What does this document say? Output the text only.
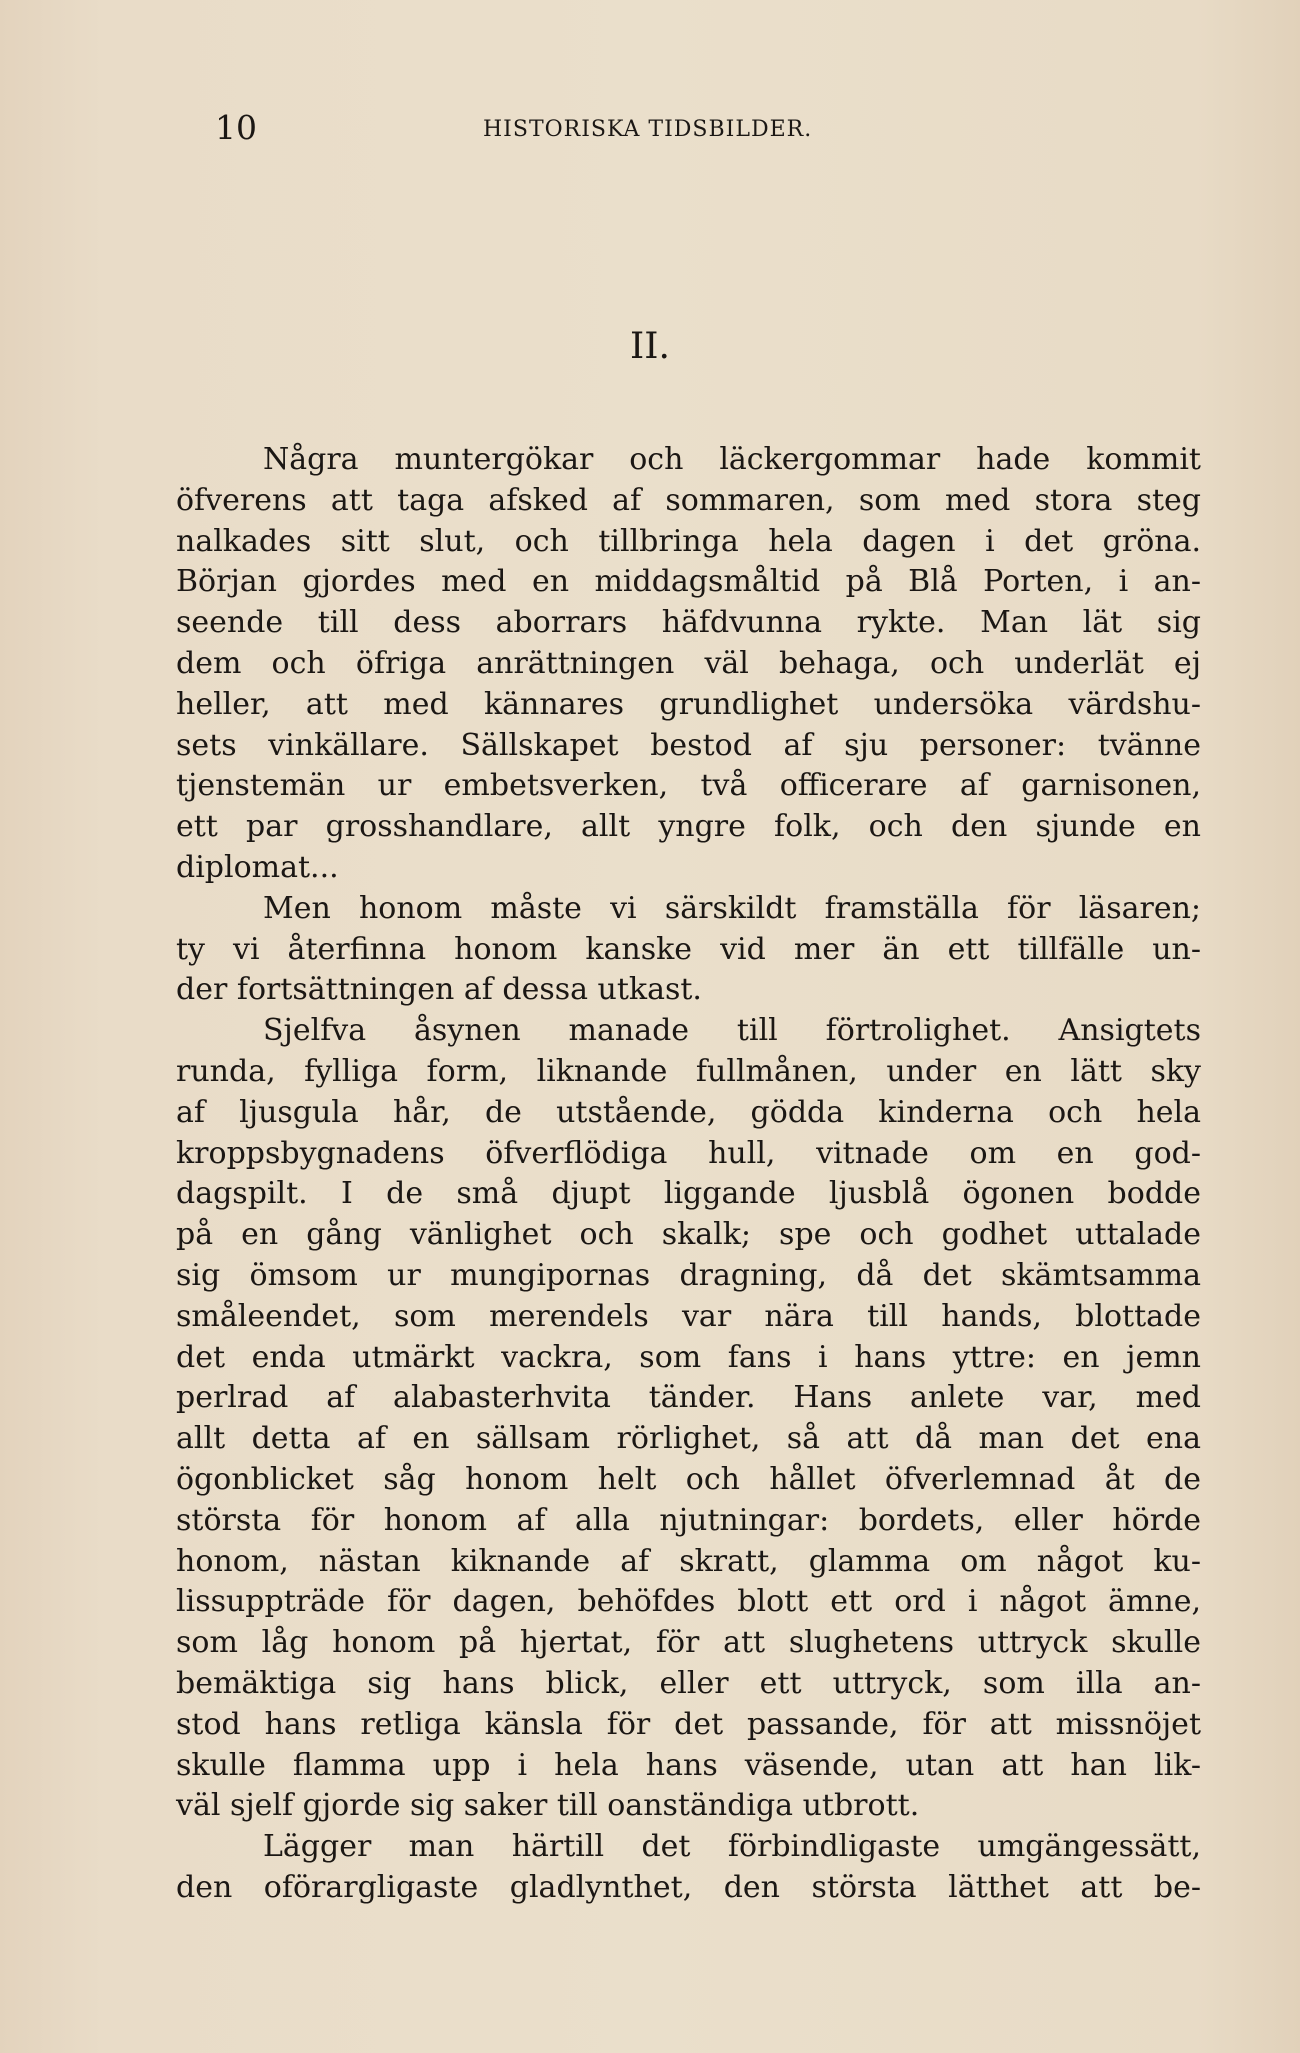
10	HISTORISKA TIDSBILDER.
II.
Några muntergökar och läckergommar hade kommit
öfverens att taga afsked af sommaren, som med stora steg
nalkades sitt slut, och tillbringa hela dagen i det gröna.
Början gjordes med en middagsmåltid på Blå Porten, i an-
seende till dess aborrars häfdvunna rykte. Man lät sig
dem och öfriga anrättningen väl behaga, och underlät ej
heller, att med kännares grundlighet undersöka värdshu-
sets vinkällare. Sällskapet bestod af sju personer: tvänne
tjenstemän ur embetsverken, två officerare af garnisonen,
ett par grosshandlare, allt yngre folk, och den sjunde en
diplomat...
Men honom måste vi särskildt framställa för läsaren;
ty vi återfinna honom kanske vid mer än ett tillfälle un-
der fortsättningen af dessa utkast.
Sjelfva åsynen manade till förtrolighet. Ansigtets
runda, fylliga form, liknande fullmånen, under en lätt sky
af ljusgula hår, de utstående, gödda kinderna och hela
kroppsbygnadens öfverflödiga hull, vitnade om en god-
dagspilt. I de små djupt liggande ljusblå ögonen bodde
på en gång vänlighet och skalk; spe och godhet uttalade
sig ömsom ur mungipornas dragning, då det skämtsamma
småleendet, som merendels var nära till hands, blottade
det enda utmärkt vackra, som fans i hans yttre: en jemn
perlrad af alabasterhvita tänder. Hans anlete var, med
allt detta af en sällsam rörlighet, så att då man det ena
ögonblicket såg honom helt och hållet öfverlemnad åt de
största för honom af alla njutningar: bordets, eller hörde
honom, nästan kiknande af skratt, glamma om något ku-
lissuppträde för dagen, behöfdes blott ett ord i något ämne,
som låg honom på hjertat, för att slughetens uttryck skulle
bemäktiga sig hans blick, eller ett uttryck, som illa an-
stod hans retliga känsla för det passande, för att missnöjet
skulle flamma upp i hela hans väsende, utan att han lik-
väl sjelf gjorde sig saker till oanständiga utbrott.
Lägger man härtill det förbindligaste umgängessätt,
den oförargligaste gladlynthet, den största lätthet att be-
